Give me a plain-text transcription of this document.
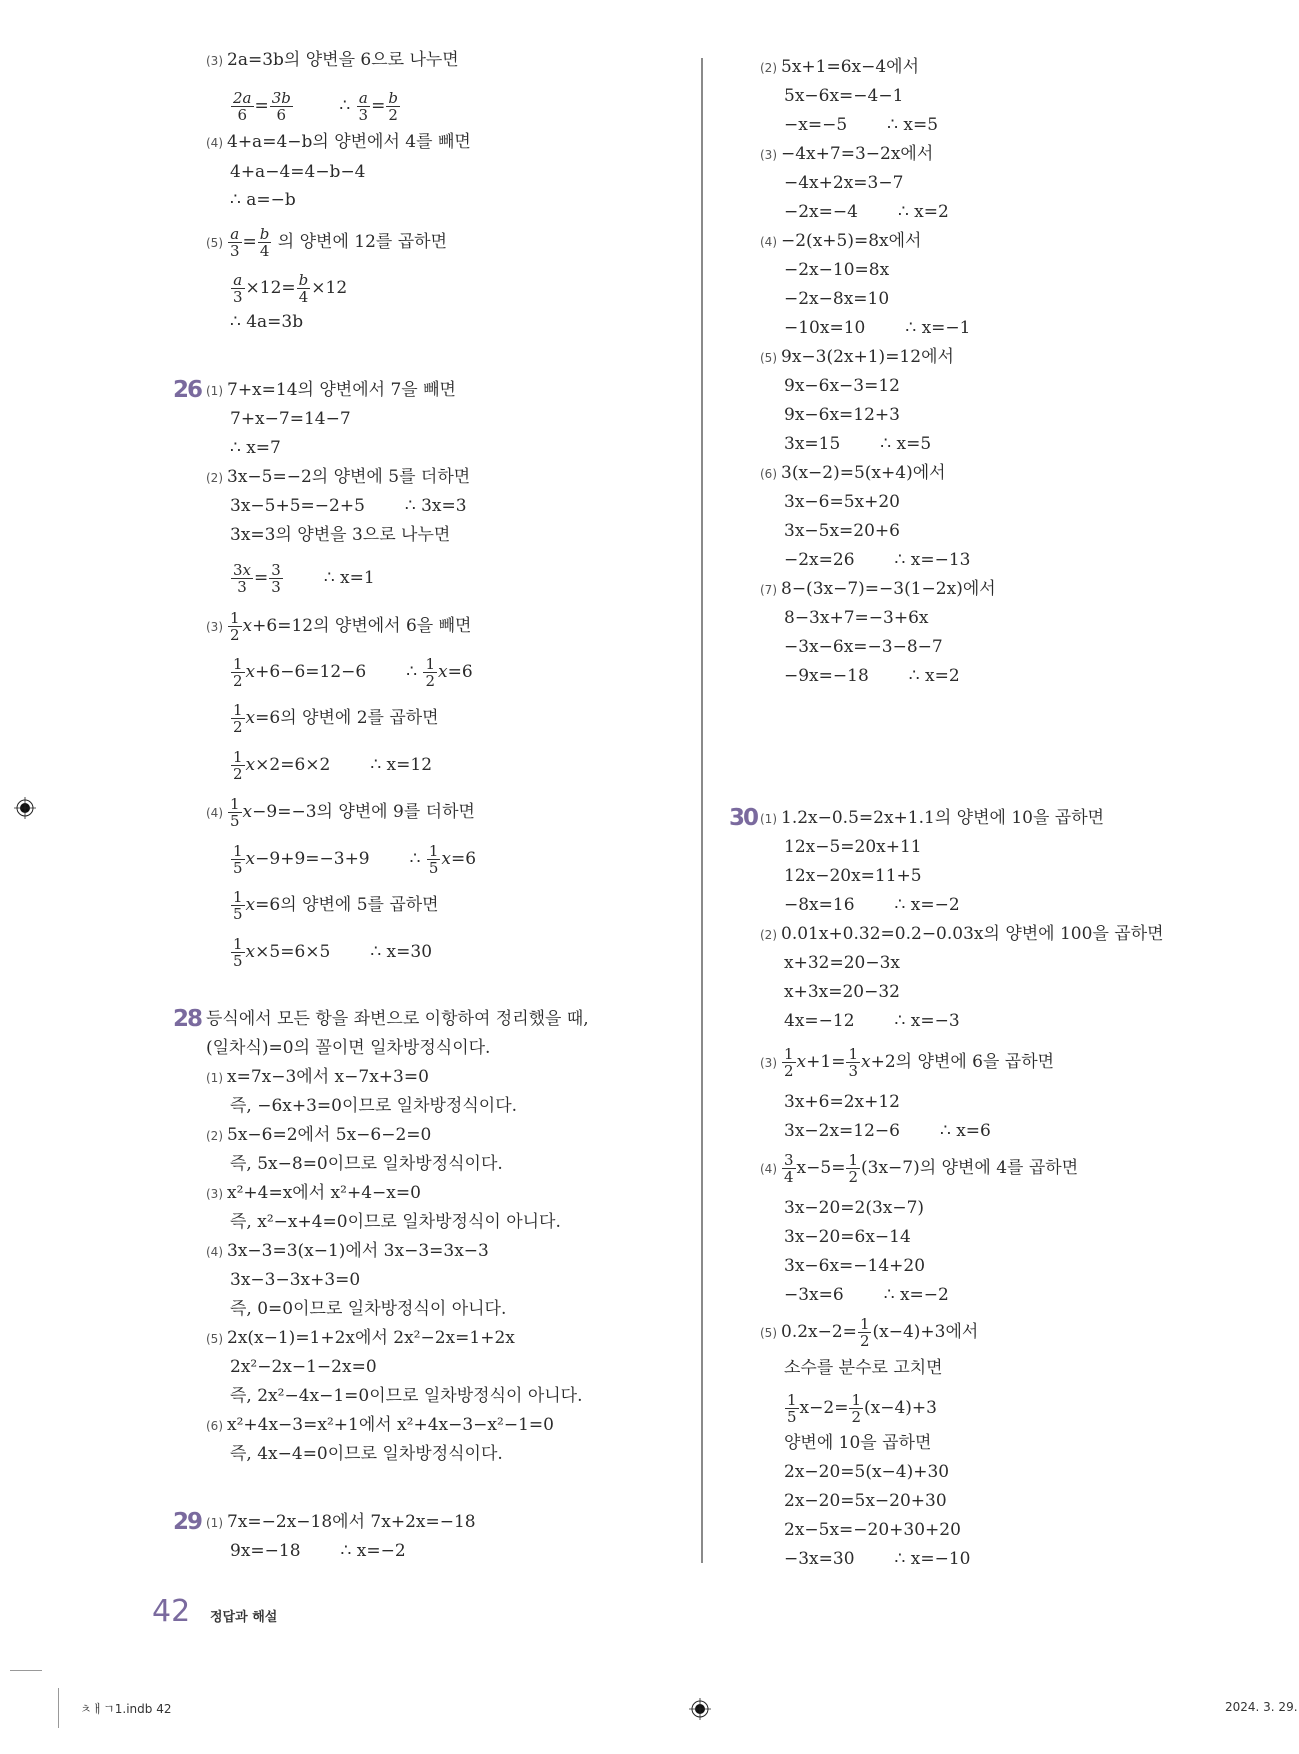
(3) 2a=3b의 양변을 6으로 나누면
$\frac{2a}{6} = \frac{3b}{6}$	∴ $\frac{a}{3} = \frac{b}{2}$
(4) 4+a=4−b의 양변에서 4를 빼면
4+a−4=4−b−4
∴ a=−b
$(5) \frac{a}{3} = \frac{b}{4}$ 의 양변에 12를 곱하면
$\frac{a}{3} \times 12= \frac{b}{4} \times 12$
∴ 4a=3b
26 (1) 7+x=14의 양변에서 7을 빼면
7+x−7=14−7
∴ x=7
(2) 3x−5=−2의 양변에 5를 더하면
3x−5+5=−2+5 ∴ 3x=3
3x=3의 양변을 3으로 나누면
$\frac{3x}{3} = \frac{3}{3}$ ∴ x=1
$(3) \frac{1}{2} x+6=12$의 양변에서 6을 빼면
$\frac{1}{2} x+6-6=12-6$ ∴ $\frac{1}{2} x=6$
$\frac{1}{2} x=6$의 양변에 2를 곱하면
$\frac{1}{2} x\times 2=6\times 2$ ∴ x=12
$(4) \frac{1}{5} x-9=-3$의 양변에 9를 더하면
$\frac{1}{5} x-9+9=-3+9$ ∴ $\frac{1}{5} x=6$
$\frac{1}{5} x=6$의 양변에 5를 곱하면
$\frac{1}{5} x\times 5=6\times 5$ ∴ x=30
28 등식에서 모든 항을 좌변으로 이항하여 정리했을 때,
(일차식)=0의 꼴이면 일차방정식이다.
(1) x=7x−3에서 x−7x+3=0
즉, −6x+3=0이므로 일차방정식이다.
(2) 5x−6=2에서 5x−6−2=0
즉, 5x−8=0이므로 일차방정식이다.
(3) x²+4=x에서 x²+4−x=0
즉, x²−x+4=0이므로 일차방정식이 아니다.
(4) 3x−3=3(x−1)에서 3x−3=3x−3
3x−3−3x+3=0
즉, 0=0이므로 일차방정식이 아니다.
(5) 2x(x−1)=1+2x에서 2x²−2x=1+2x
2x²−2x−1−2x=0
즉, 2x²−4x−1=0이므로 일차방정식이 아니다.
(6) x²+4x−3=x²+1에서 x²+4x−3−x²−1=0
즉, 4x−4=0이므로 일차방정식이다.
29 (1) 7x=−2x−18에서 7x+2x=−18
9x=−18 ∴ x=−2
(2) 5x+1=6x−4에서
5x−6x=−4−1
−x=−5 ∴ x=5
(3) −4x+7=3−2x에서
−4x+2x=3−7
−2x=−4 ∴ x=2
(4) −2(x+5)=8x에서
−2x−10=8x
−2x−8x=10
−10x=10 ∴ x=−1
(5) 9x−3(2x+1)=12에서
9x−6x−3=12
9x−6x=12+3
3x=15 ∴ x=5
(6) 3(x−2)=5(x+4)에서
3x−6=5x+20
3x−5x=20+6
−2x=26 ∴ x=−13
(7) 8−(3x−7)=−3(1−2x)에서
8−3x+7=−3+6x
−3x−6x=−3−8−7
−9x=−18 ∴ x=2
30 (1) 1.2x−0.5=2x+1.1의 양변에 10을 곱하면
12x−5=20x+11
12x−20x=11+5
−8x=16 ∴ x=−2
(2) 0.01x+0.32=0.2−0.03x의 양변에 100을 곱하면
x+32=20−3x
x+3x=20−32
4x=−12 ∴ x=−3
$(3) \frac{1}{2} x+1= \frac{1}{3} x+2$의 양변에 6을 곱하면
3x+6=2x+12
3x−2x=12−6 ∴ x=6
$(4) \frac{3}{4} x-5= \frac{1}{2} (3x-7)$의 양변에 4를 곱하면
3x−20=2(3x−7)
3x−20=6x−14
3x−6x=−14+20
−3x=6 ∴ x=−2
(5) $0.2x-2= \frac{1}{2} (x-4)+3$에서
소수를 분수로 고치면
$\frac{1}{5} x-2= \frac{1}{2} (x-4)+3$
양변에 10을 곱하면
2x−20=5(x−4)+30
2x−20=5x−20+30
2x−5x=−20+30+20
−3x=30 ∴ x=−10
42 정답과 해설
ㅊㅐㄱ1.indb 42	2024. 3. 29.
